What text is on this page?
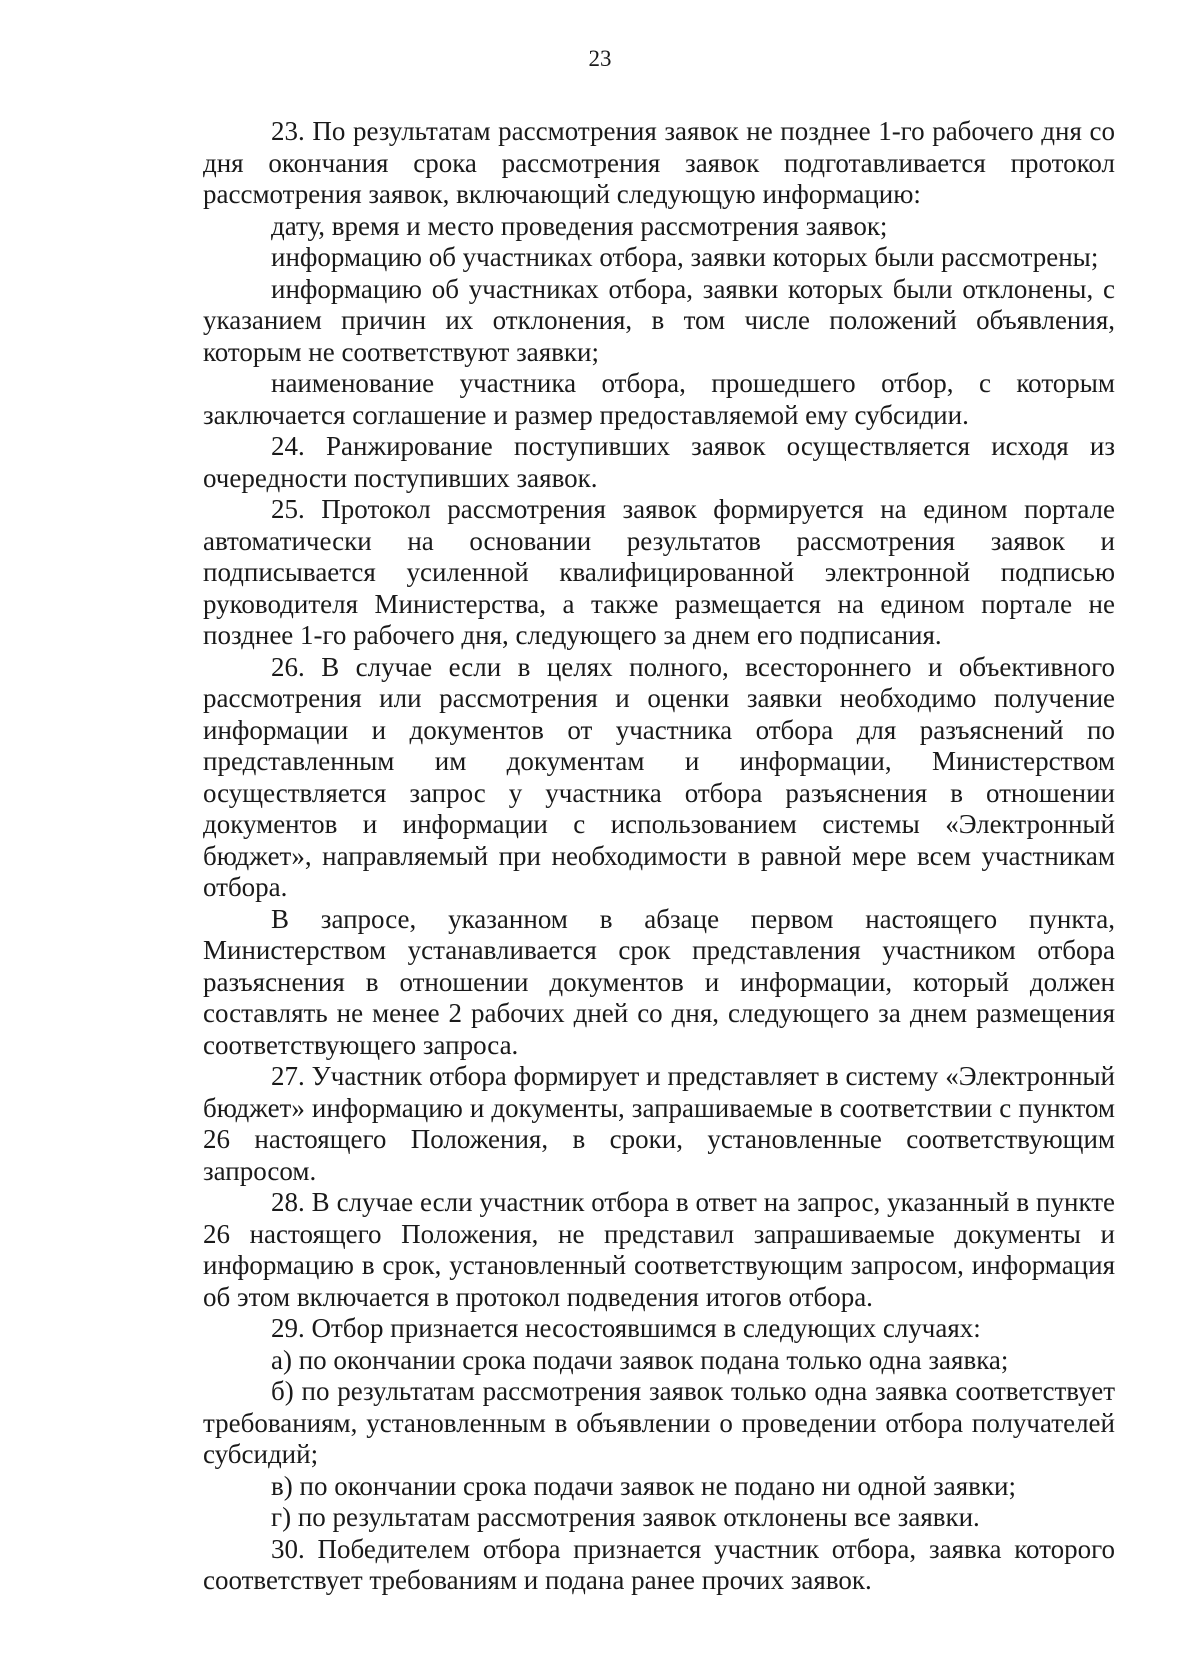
23

23. По результатам рассмотрения заявок не позднее 1-го рабочего дня со дня окончания срока рассмотрения заявок подготавливается протокол рассмотрения заявок, включающий следующую информацию:

дату, время и место проведения рассмотрения заявок;

информацию об участниках отбора, заявки которых были рассмотрены;

информацию об участниках отбора, заявки которых были отклонены, с указанием причин их отклонения, в том числе положений объявления, которым не соответствуют заявки;

наименование участника отбора, прошедшего отбор, с которым заключается соглашение и размер предоставляемой ему субсидии.

24. Ранжирование поступивших заявок осуществляется исходя из очередности поступивших заявок.

25. Протокол рассмотрения заявок формируется на едином портале автоматически на основании результатов рассмотрения заявок и подписывается усиленной квалифицированной электронной подписью руководителя Министерства, а также размещается на едином портале не позднее 1-го рабочего дня, следующего за днем его подписания.

26. В случае если в целях полного, всестороннего и объективного рассмотрения или рассмотрения и оценки заявки необходимо получение информации и документов от участника отбора для разъяснений по представленным им документам и информации, Министерством осуществляется запрос у участника отбора разъяснения в отношении документов и информации с использованием системы «Электронный бюджет», направляемый при необходимости в равной мере всем участникам отбора.

В запросе, указанном в абзаце первом настоящего пункта, Министерством устанавливается срок представления участником отбора разъяснения в отношении документов и информации, который должен составлять не менее 2 рабочих дней со дня, следующего за днем размещения соответствующего запроса.

27. Участник отбора формирует и представляет в систему «Электронный бюджет» информацию и документы, запрашиваемые в соответствии с пунктом 26 настоящего Положения, в сроки, установленные соответствующим запросом.

28. В случае если участник отбора в ответ на запрос, указанный в пункте 26 настоящего Положения, не представил запрашиваемые документы и информацию в срок, установленный соответствующим запросом, информация об этом включается в протокол подведения итогов отбора.

29. Отбор признается несостоявшимся в следующих случаях:

а) по окончании срока подачи заявок подана только одна заявка;

б) по результатам рассмотрения заявок только одна заявка соответствует требованиям, установленным в объявлении о проведении отбора получателей субсидий;

в) по окончании срока подачи заявок не подано ни одной заявки;

г) по результатам рассмотрения заявок отклонены все заявки.

30. Победителем отбора признается участник отбора, заявка которого соответствует требованиям и подана ранее прочих заявок.
